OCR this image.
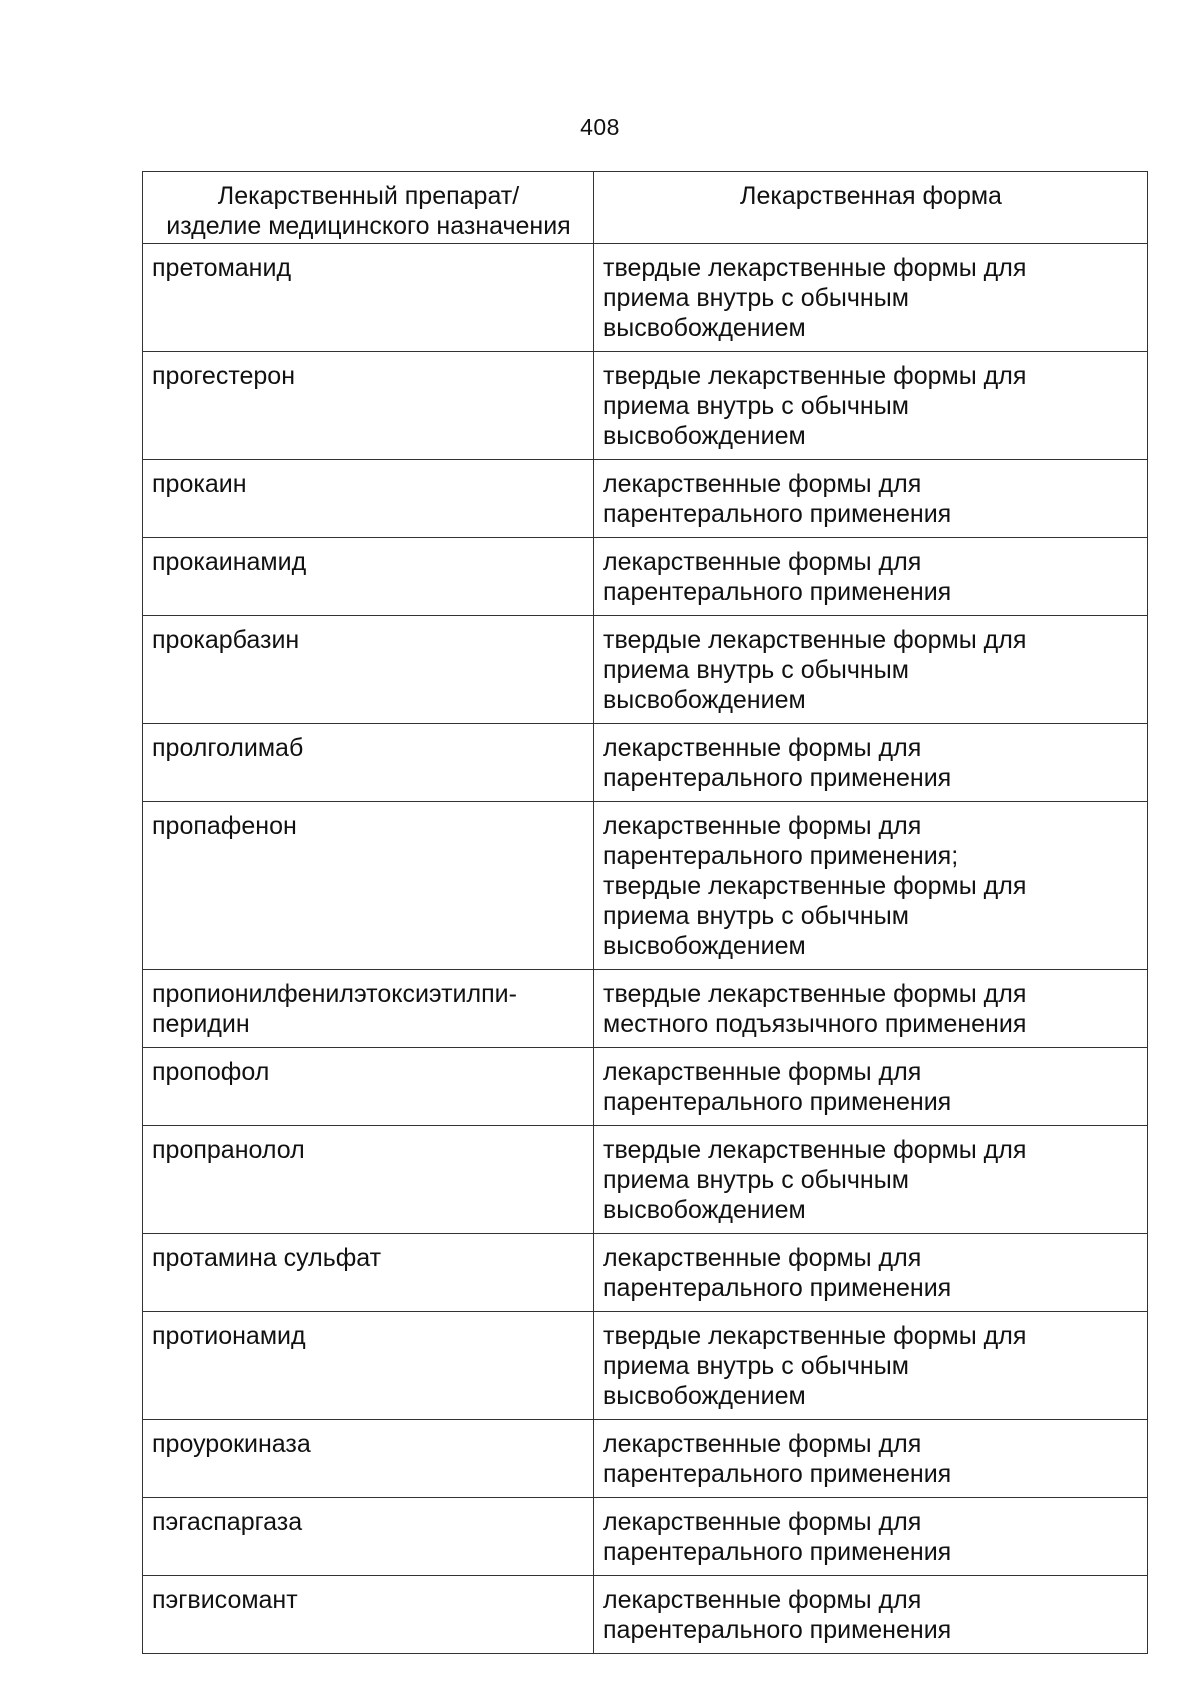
408
Лекарственный препарат/
изделие медицинского назначения	Лекарственная форма
претоманид	твердые лекарственные формы для
приема внутрь с обычным
высвобождением
прогестерон	твердые лекарственные формы для
приема внутрь с обычным
высвобождением
прокаин	лекарственные формы для
парентерального применения
прокаинамид	лекарственные формы для
парентерального применения
прокарбазин	твердые лекарственные формы для
приема внутрь с обычным
высвобождением
пролголимаб	лекарственные формы для
парентерального применения
пропафенон	лекарственные формы для
парентерального применения;
твердые лекарственные формы для
приема внутрь с обычным
высвобождением
пропионилфенилэтоксиэтилпи-
перидин	твердые лекарственные формы для
местного подъязычного применения
пропофол	лекарственные формы для
парентерального применения
пропранолол	твердые лекарственные формы для
приема внутрь с обычным
высвобождением
протамина сульфат	лекарственные формы для
парентерального применения
протионамид	твердые лекарственные формы для
приема внутрь с обычным
высвобождением
проурокиназа	лекарственные формы для
парентерального применения
пэгаспаргаза	лекарственные формы для
парентерального применения
пэгвисомант	лекарственные формы для
парентерального применения
